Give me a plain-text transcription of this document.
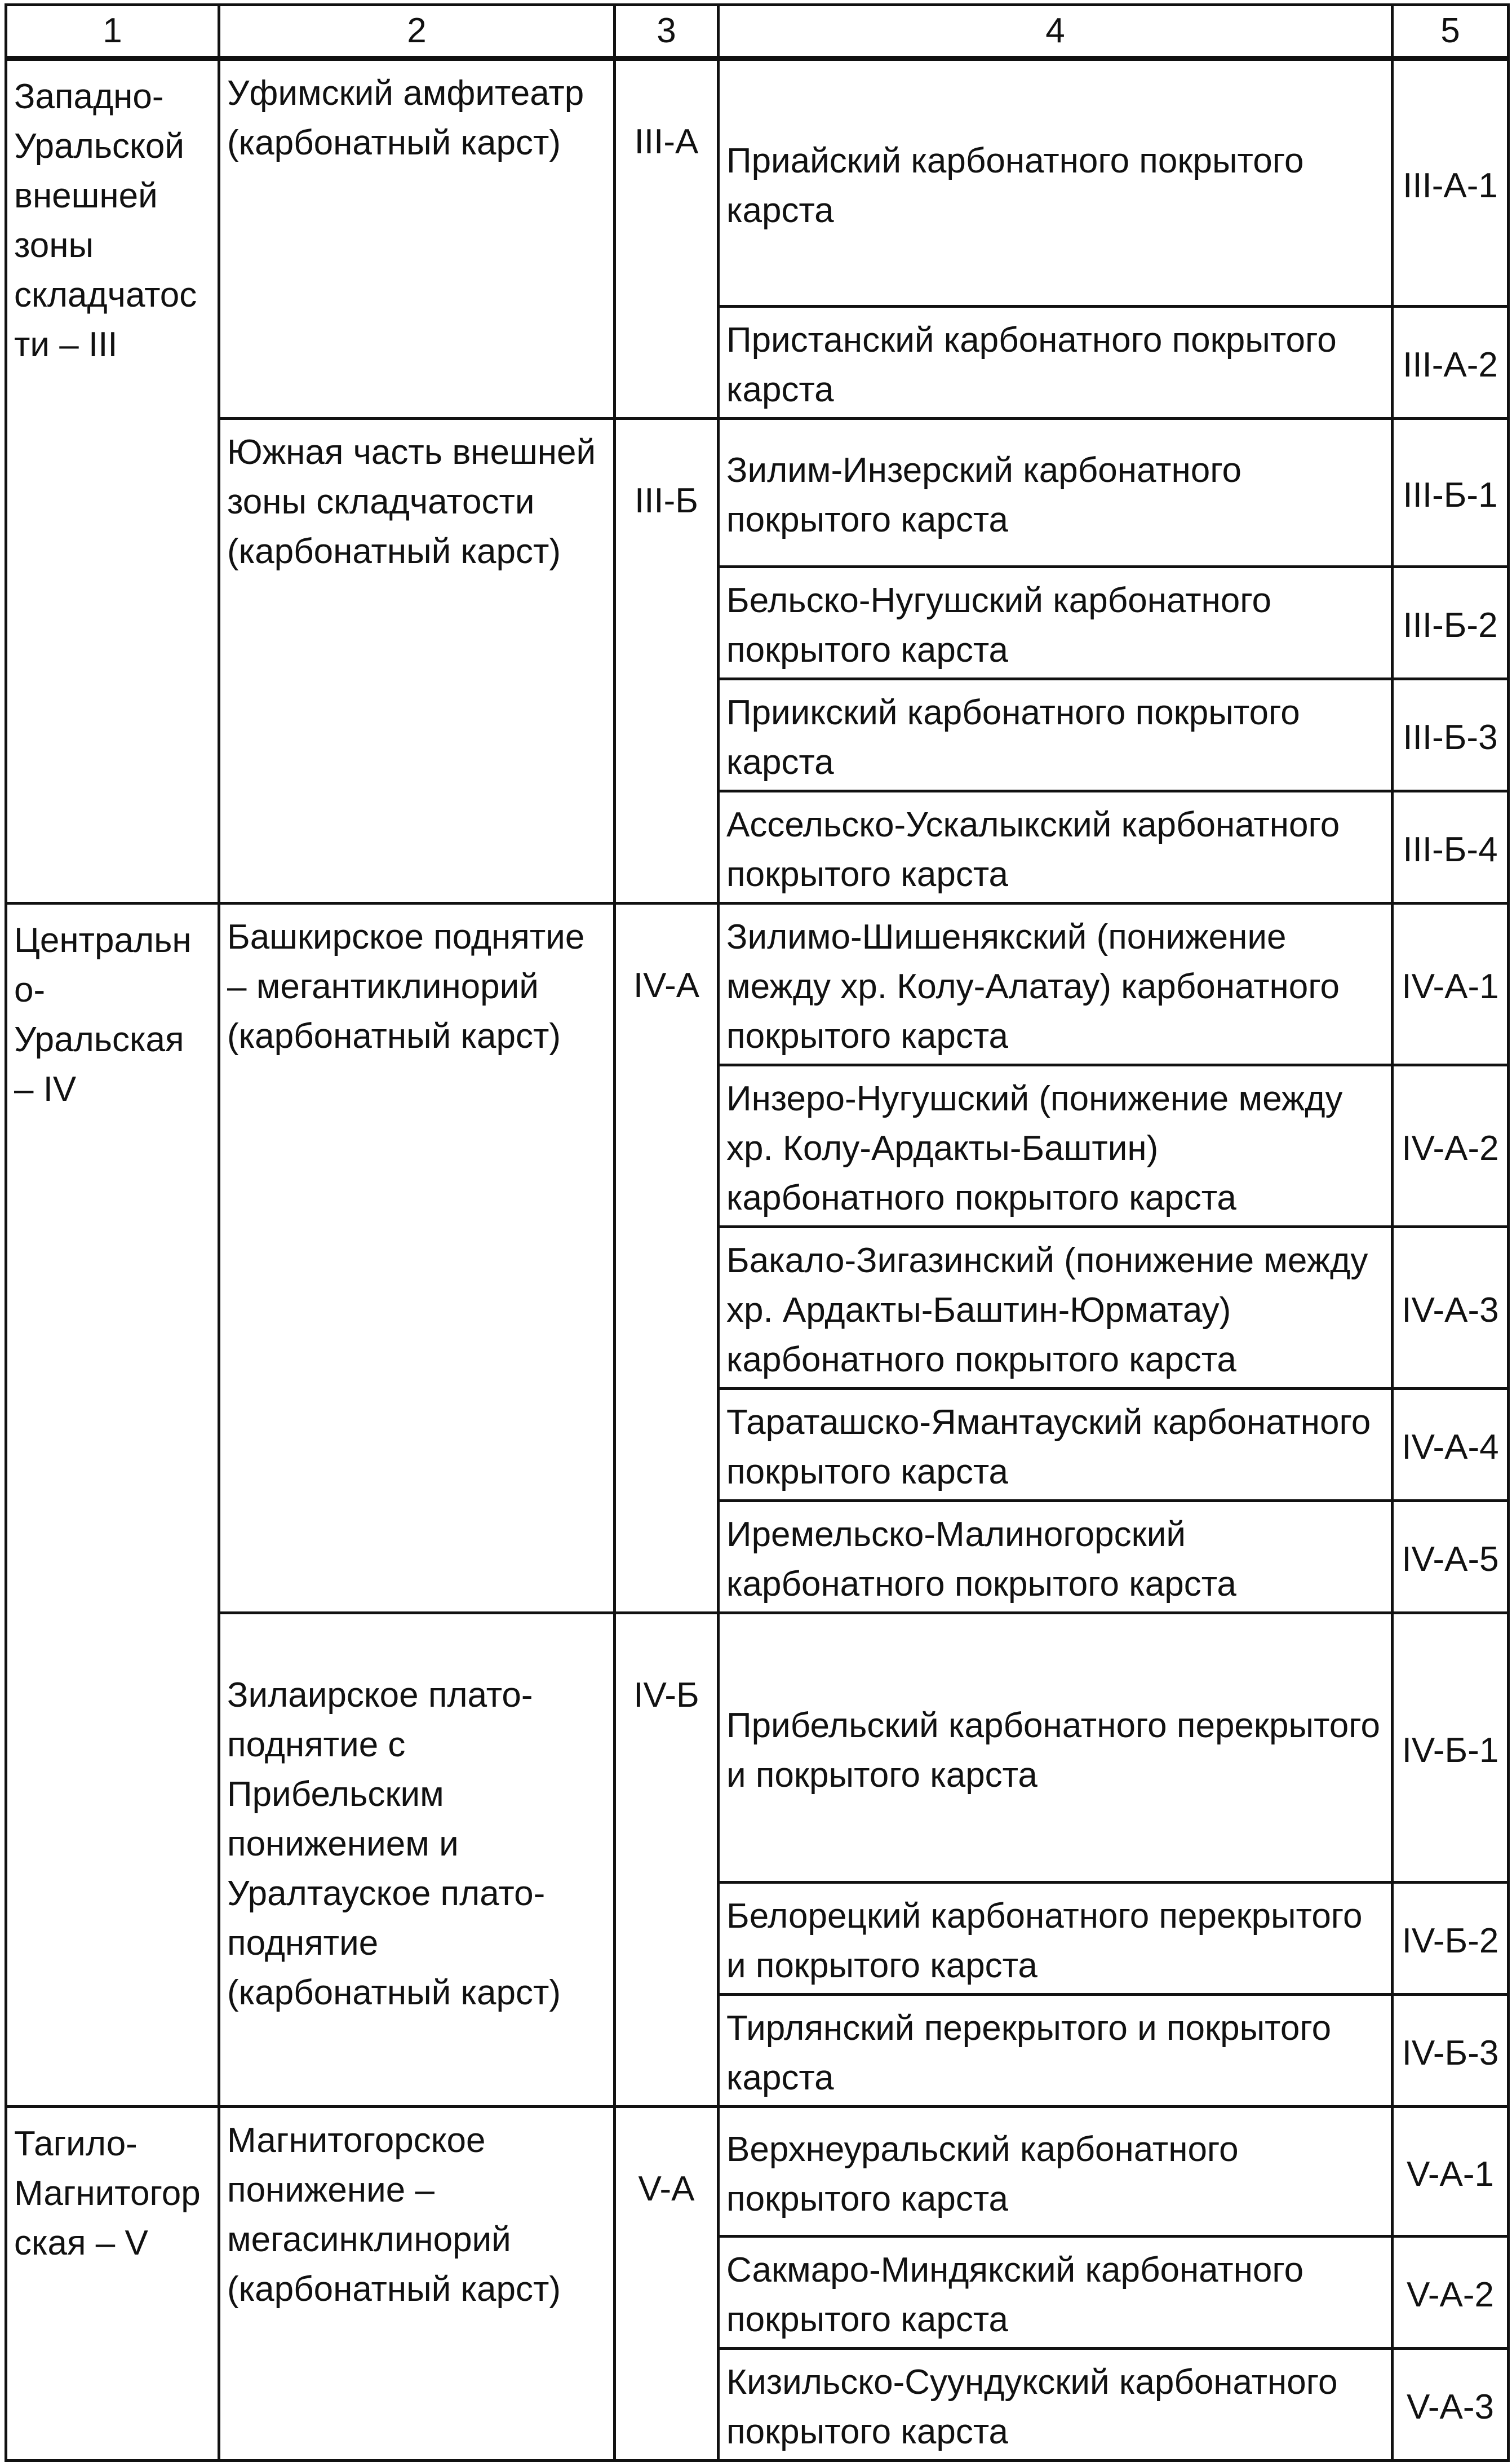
1	2	3	4	5
Западно-Уральской внешней зоны складчатости – III	Уфимский амфитеатр (карбонатный карст)	III-А	Приайский карбонатного покрытого карста	III-А-1
			Пристанский карбонатного покрытого карста	III-А-2
	Южная часть внешней зоны складчатости (карбонатный карст)	III-Б	Зилим-Инзерский карбонатного покрытого карста	III-Б-1
			Бельско-Нугушский карбонатного покрытого карста	III-Б-2
			Приикский карбонатного покрытого карста	III-Б-3
			Ассельско-Ускалыкский карбонатного покрытого карста	III-Б-4
Центрально-Уральская – IV	Башкирское поднятие – мегантиклинорий (карбонатный карст)	IV-А	Зилимо-Шишенякский (понижение между хр. Колу-Алатау) карбонатного покрытого карста	IV-А-1
			Инзеро-Нугушский (понижение между хр. Колу-Ардакты-Баштин) карбонатного покрытого карста	IV-А-2
			Бакало-Зигазинский (понижение между хр. Ардакты-Баштин-Юрматау) карбонатного покрытого карста	IV-А-3
			Тараташско-Ямантауский карбонатного покрытого карста	IV-А-4
			Иремельско-Малиногорский карбонатного покрытого карста	IV-А-5
	Зилаирское плато-поднятие с Прибельским понижением и Уралтауское плато-поднятие (карбонатный карст)	IV-Б	Прибельский карбонатного перекрытого и покрытого карста	IV-Б-1
			Белорецкий карбонатного перекрытого и покрытого карста	IV-Б-2
			Тирлянский перекрытого и покрытого карста	IV-Б-3
Тагило-Магнитогорская – V	Магнитогорское понижение – мегасинклинорий (карбонатный карст)	V-А	Верхнеуральский карбонатного покрытого карста	V-А-1
			Сакмаро-Миндякский карбонатного покрытого карста	V-А-2
			Кизильско-Суундукский карбонатного покрытого карста	V-А-3
